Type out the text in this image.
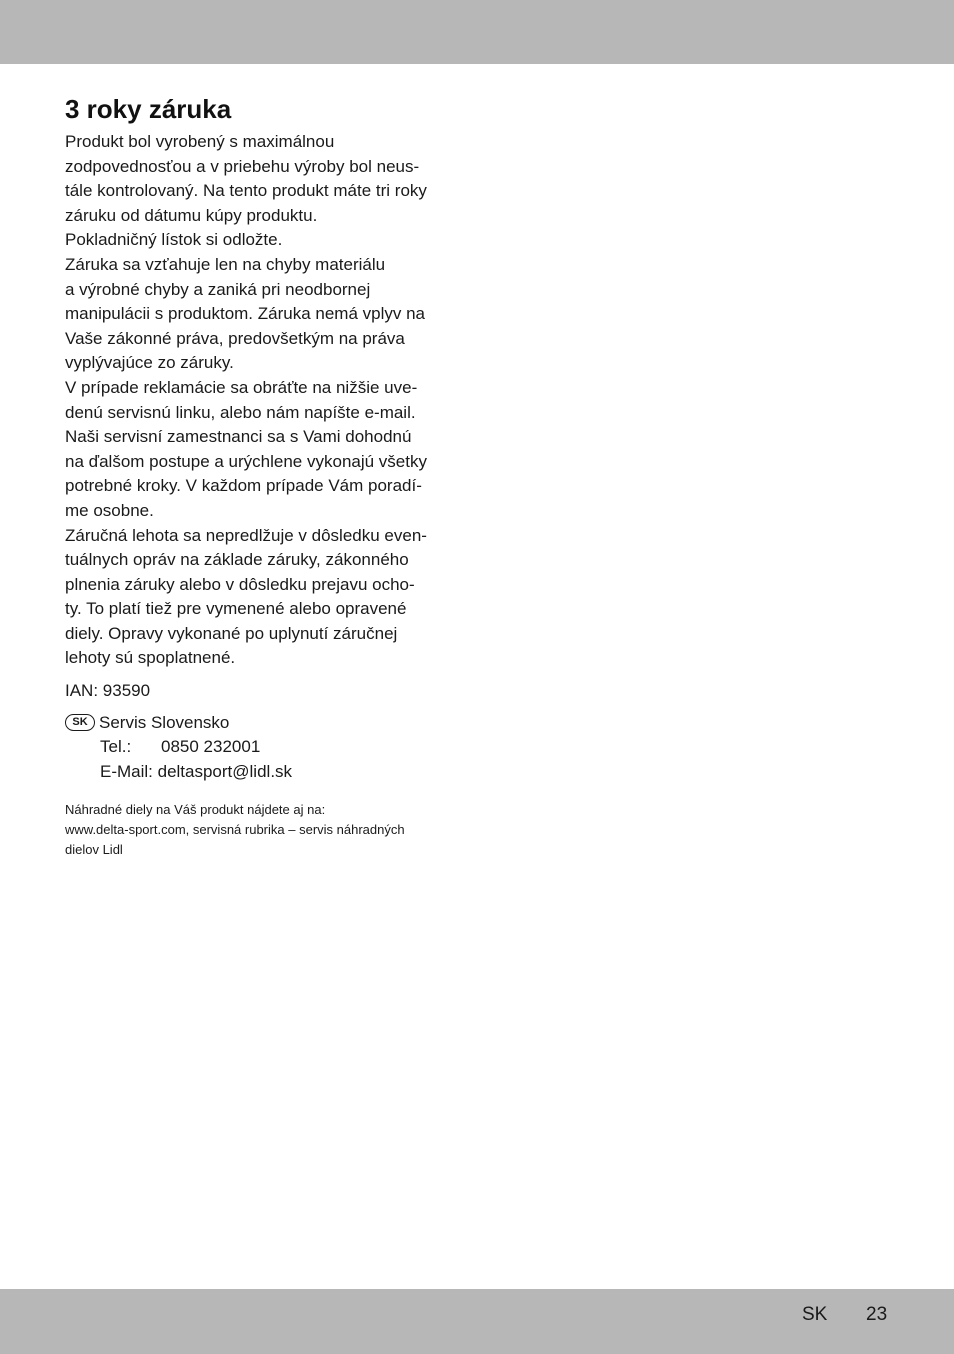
3 roky záruka

Produkt bol vyrobený s maximálnou
zodpovednosťou a v priebehu výroby bol neus-
tále kontrolovaný. Na tento produkt máte tri roky
záruku od dátumu kúpy produktu.
Pokladničný lístok si odložte.
Záruka sa vzťahuje len na chyby materiálu
a výrobné chyby a zaniká pri neodbornej
manipulácii s produktom. Záruka nemá vplyv na
Vaše zákonné práva, predovšetkým na práva
vyplývajúce zo záruky.
V prípade reklamácie sa obráťte na nižšie uve-
denú servisnú linku, alebo nám napíšte e-mail.
Naši servisní zamestnanci sa s Vami dohodnú
na ďalšom postupe a urýchlene vykonajú všetky
potrebné kroky. V každom prípade Vám poradí-
me osobne.
Záručná lehota sa nepredlžuje v dôsledku even-
tuálnych opráv na základe záruky, zákonného
plnenia záruky alebo v dôsledku prejavu ocho-
ty. To platí tiež pre vymenené alebo opravené
diely. Opravy vykonané po uplynutí záručnej
lehoty sú spoplatnené.

IAN: 93590
SK Servis Slovensko
Tel.: 0850 232001
E-Mail: deltasport@lidl.sk
Náhradné diely na Váš produkt nájdete aj na:
www.delta-sport.com, servisná rubrika – servis náhradných
dielov Lidl
SK 23
